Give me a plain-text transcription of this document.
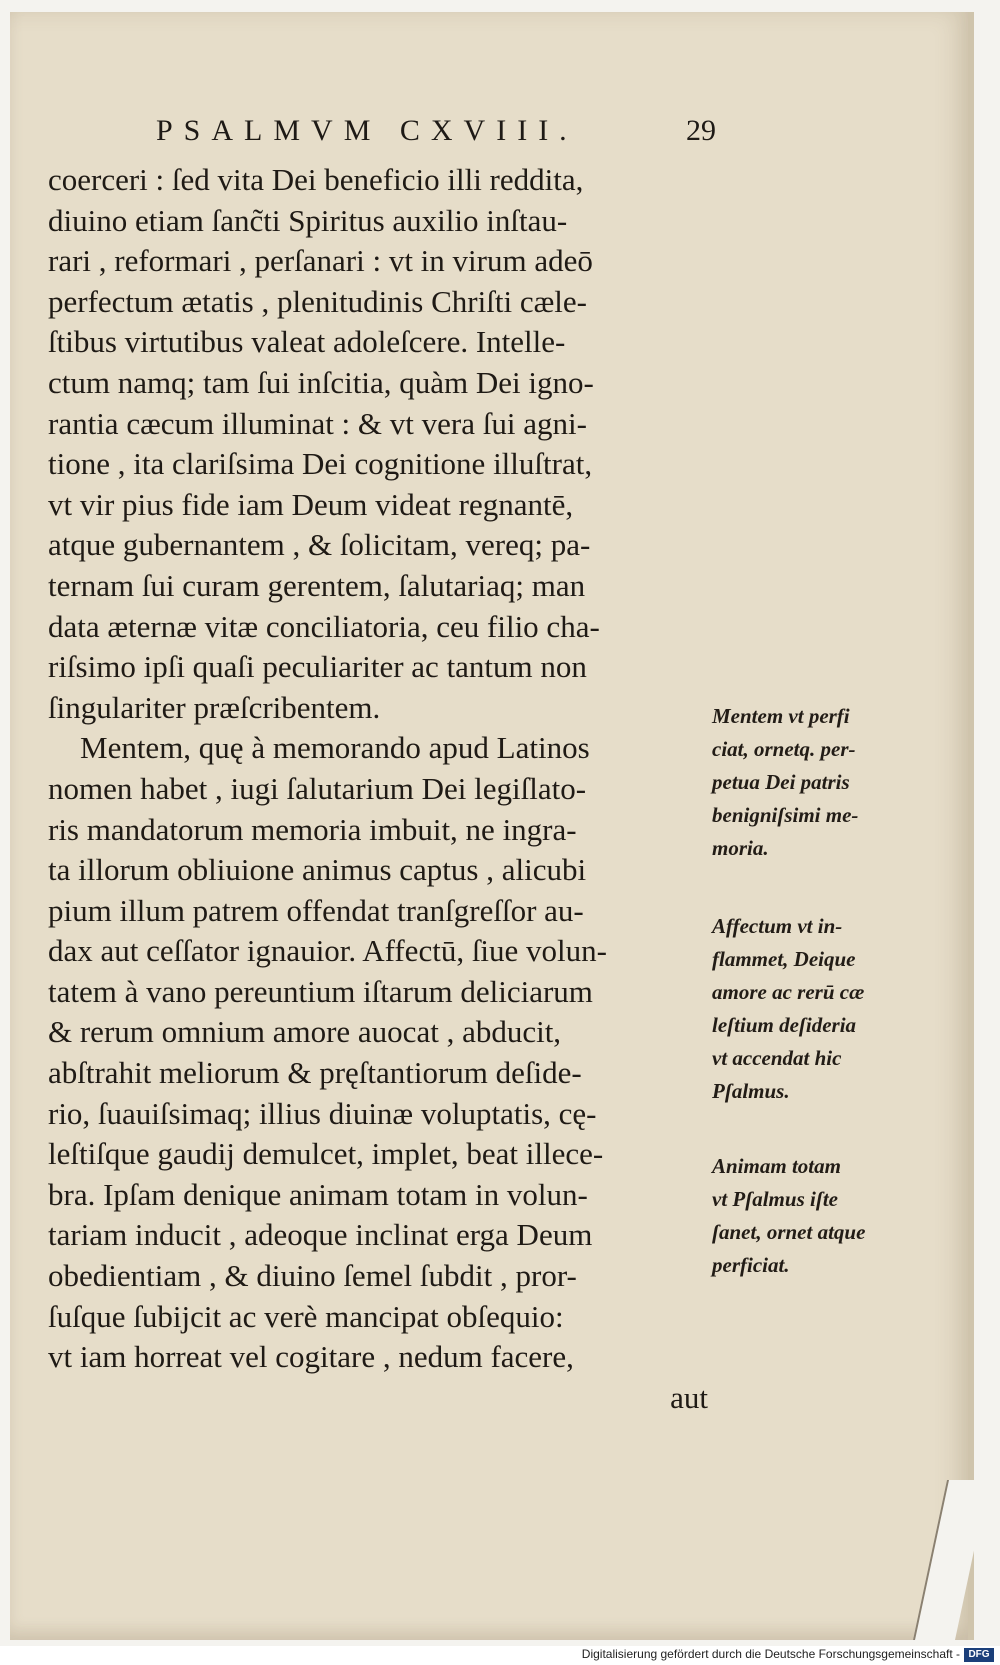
PSALMVM CXVIII.	29
coerceri : ſed vita Dei beneficio illi reddita,
diuino etiam ſanc̃ti Spiritus auxilio inſtau-
rari , reformari , perſanari : vt in virum adeō
perfectum ætatis , plenitudinis Chriſti cæle-
ſtibus virtutibus valeat adoleſcere. Intelle-
ctum namq; tam ſui inſcitia, quàm Dei igno-
rantia cæcum illuminat : & vt vera ſui agni-
tione , ita clariſsima Dei cognitione illuſtrat,
vt vir pius fide iam Deum videat regnantē,
atque gubernantem , & ſolicitam, vereq; pa-
ternam ſui curam gerentem, ſalutariaq; man
data æternæ vitæ conciliatoria, ceu filio cha-
riſsimo ipſi quaſi peculiariter ac tantum non
ſingulariter præſcribentem.
Mentem, quę à memorando apud Latinos
nomen habet , iugi ſalutarium Dei legiſlato-
ris mandatorum memoria imbuit, ne ingra-
ta illorum obliuione animus captus , alicubi
pium illum patrem offendat tranſgreſſor au-
dax aut ceſſator ignauior. Affectū, ſiue volun-
tatem à vano pereuntium iſtarum deliciarum
& rerum omnium amore auocat , abducit,
abſtrahit meliorum & pręſtantiorum deſide-
rio, ſuauiſsimaq; illius diuinæ voluptatis, cę-
leſtiſque gaudij demulcet, implet, beat illece-
bra. Ipſam denique animam totam in volun-
tariam inducit , adeoque inclinat erga Deum
obedientiam , & diuino ſemel ſubdit , pror-
ſuſque ſubijcit ac verè mancipat obſequio:
vt iam horreat vel cogitare , nedum facere,
aut
Mentem vt perfi
ciat, ornetq. per-
petua Dei patris
benigniſsimi me-
moria.
Affectum vt in-
flammet, Deique
amore ac rerū cæ
leſtium deſideria
vt accendat hic
Pſalmus.
Animam totam
vt Pſalmus iſte
ſanet, ornet atque
perficiat.
Digitalisierung gefördert durch die Deutsche Forschungsgemeinschaft - DFG
